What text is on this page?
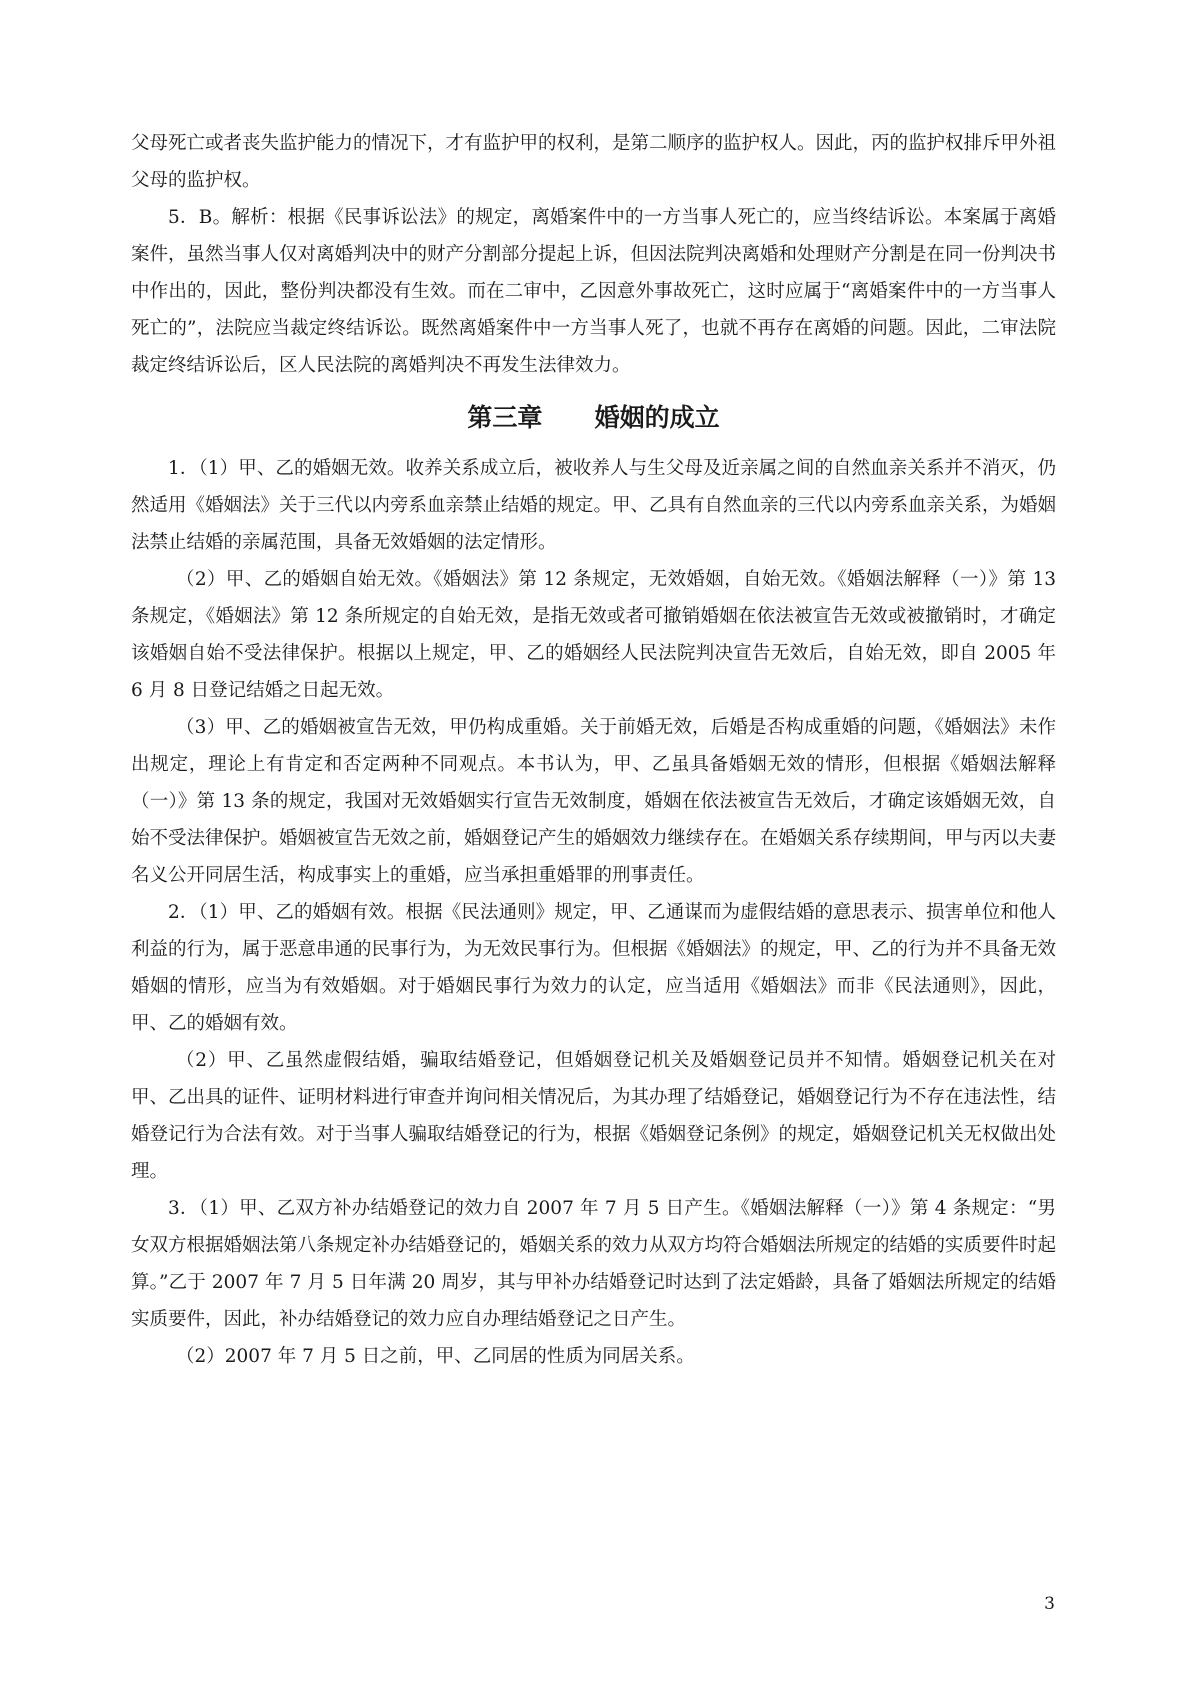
父母死亡或者丧失监护能力的情况下，才有监护甲的权利，是第二顺序的监护权人。因此，丙的监护权排斥甲外祖父母的监护权。

5．B。解析：根据《民事诉讼法》的规定，离婚案件中的一方当事人死亡的，应当终结诉讼。本案属于离婚案件，虽然当事人仅对离婚判决中的财产分割部分提起上诉，但因法院判决离婚和处理财产分割是在同一份判决书中作出的，因此，整份判决都没有生效。而在二审中，乙因意外事故死亡，这时应属于“离婚案件中的一方当事人死亡的”，法院应当裁定终结诉讼。既然离婚案件中一方当事人死了，也就不再存在离婚的问题。因此，二审法院裁定终结诉讼后，区人民法院的离婚判决不再发生法律效力。

第三章      婚姻的成立

1．（1）甲、乙的婚姻无效。收养关系成立后，被收养人与生父母及近亲属之间的自然血亲关系并不消灭，仍然适用《婚姻法》关于三代以内旁系血亲禁止结婚的规定。甲、乙具有自然血亲的三代以内旁系血亲关系，为婚姻法禁止结婚的亲属范围，具备无效婚姻的法定情形。

（2）甲、乙的婚姻自始无效。《婚姻法》第 12 条规定，无效婚姻，自始无效。《婚姻法解释（一）》第 13 条规定，《婚姻法》第 12 条所规定的自始无效，是指无效或者可撤销婚姻在依法被宣告无效或被撤销时，才确定该婚姻自始不受法律保护。根据以上规定，甲、乙的婚姻经人民法院判决宣告无效后，自始无效，即自 2005 年 6 月 8 日登记结婚之日起无效。

（3）甲、乙的婚姻被宣告无效，甲仍构成重婚。关于前婚无效，后婚是否构成重婚的问题，《婚姻法》未作出规定，理论上有肯定和否定两种不同观点。本书认为，甲、乙虽具备婚姻无效的情形，但根据《婚姻法解释（一）》第 13 条的规定，我国对无效婚姻实行宣告无效制度，婚姻在依法被宣告无效后，才确定该婚姻无效，自始不受法律保护。婚姻被宣告无效之前，婚姻登记产生的婚姻效力继续存在。在婚姻关系存续期间，甲与丙以夫妻名义公开同居生活，构成事实上的重婚，应当承担重婚罪的刑事责任。

2．（1）甲、乙的婚姻有效。根据《民法通则》规定，甲、乙通谋而为虚假结婚的意思表示、损害单位和他人利益的行为，属于恶意串通的民事行为，为无效民事行为。但根据《婚姻法》的规定，甲、乙的行为并不具备无效婚姻的情形，应当为有效婚姻。对于婚姻民事行为效力的认定，应当适用《婚姻法》而非《民法通则》，因此，甲、乙的婚姻有效。

（2）甲、乙虽然虚假结婚，骗取结婚登记，但婚姻登记机关及婚姻登记员并不知情。婚姻登记机关在对甲、乙出具的证件、证明材料进行审查并询问相关情况后，为其办理了结婚登记，婚姻登记行为不存在违法性，结婚登记行为合法有效。对于当事人骗取结婚登记的行为，根据《婚姻登记条例》的规定，婚姻登记机关无权做出处理。

3．（1）甲、乙双方补办结婚登记的效力自 2007 年 7 月 5 日产生。《婚姻法解释（一）》第 4 条规定：“男女双方根据婚姻法第八条规定补办结婚登记的，婚姻关系的效力从双方均符合婚姻法所规定的结婚的实质要件时起算。”乙于 2007 年 7 月 5 日年满 20 周岁，其与甲补办结婚登记时达到了法定婚龄，具备了婚姻法所规定的结婚实质要件，因此，补办结婚登记的效力应自办理结婚登记之日产生。

（2）2007 年 7 月 5 日之前，甲、乙同居的性质为同居关系。

3
